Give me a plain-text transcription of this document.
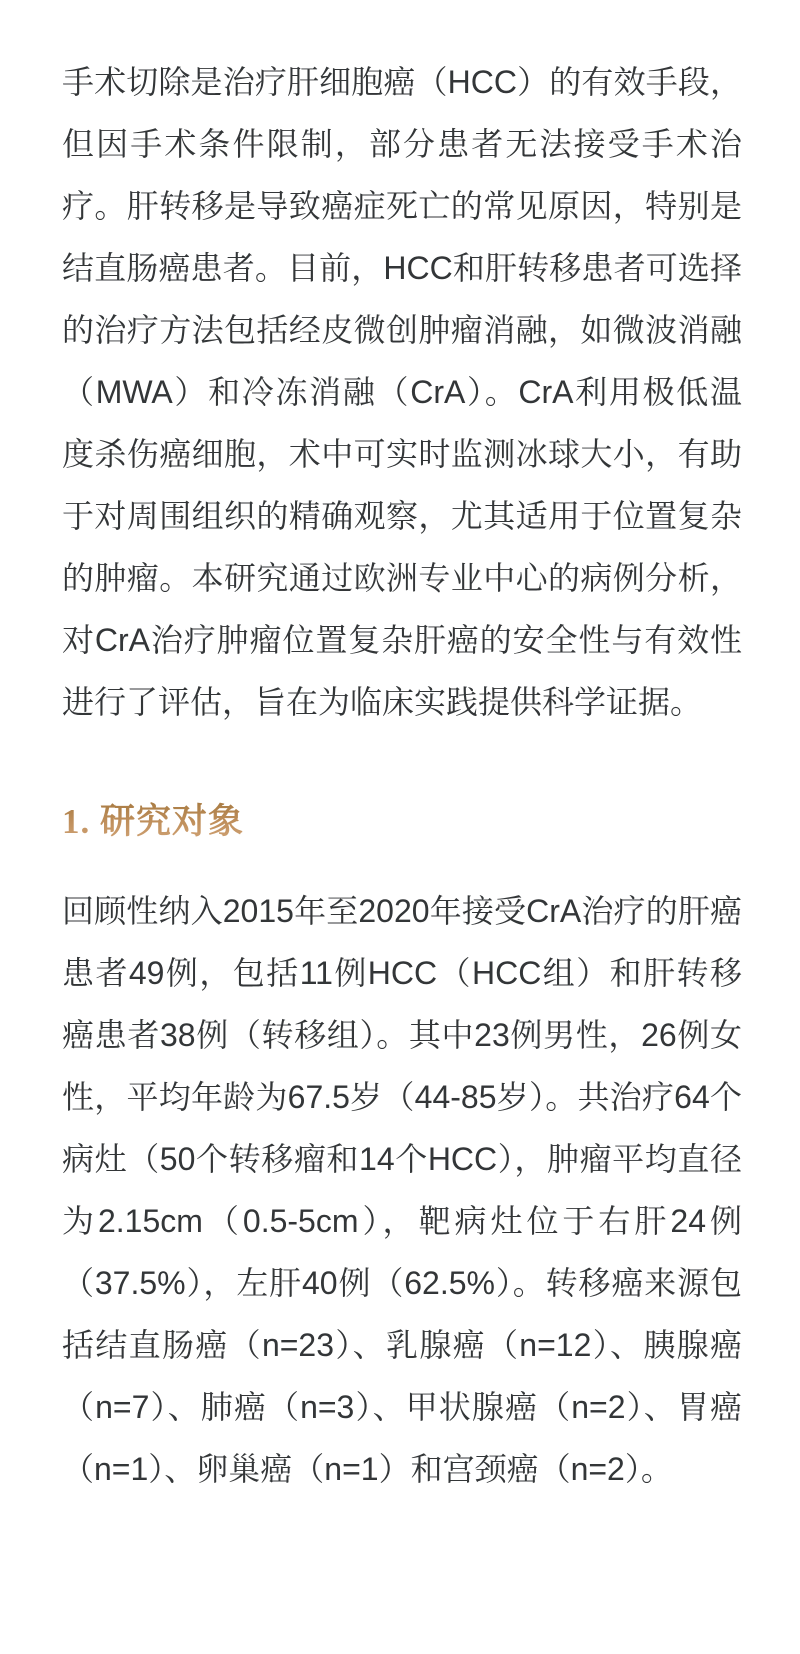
手术切除是治疗肝细胞癌（HCC）的有效手段，但因手术条件限制，部分患者无法接受手术治疗。肝转移是导致癌症死亡的常见原因，特别是结直肠癌患者。目前，HCC和肝转移患者可选择的治疗方法包括经皮微创肿瘤消融，如微波消融（MWA）和冷冻消融（CrA）。CrA利用极低温度杀伤癌细胞，术中可实时监测冰球大小，有助于对周围组织的精确观察，尤其适用于位置复杂的肿瘤。本研究通过欧洲专业中心的病例分析，对CrA治疗肿瘤位置复杂肝癌的安全性与有效性进行了评估，旨在为临床实践提供科学证据。

1. 研究对象

回顾性纳入2015年至2020年接受CrA治疗的肝癌患者49例，包括11例HCC（HCC组）和肝转移癌患者38例（转移组）。其中23例男性，26例女性，平均年龄为67.5岁（44-85岁）。共治疗64个病灶（50个转移瘤和14个HCC），肿瘤平均直径为2.15cm（0.5-5cm），靶病灶位于右肝24例（37.5%），左肝40例（62.5%）。转移癌来源包括结直肠癌（n=23）、乳腺癌（n=12）、胰腺癌（n=7）、肺癌（n=3）、甲状腺癌（n=2）、胃癌（n=1）、卵巢癌（n=1）和宫颈癌（n=2）。
